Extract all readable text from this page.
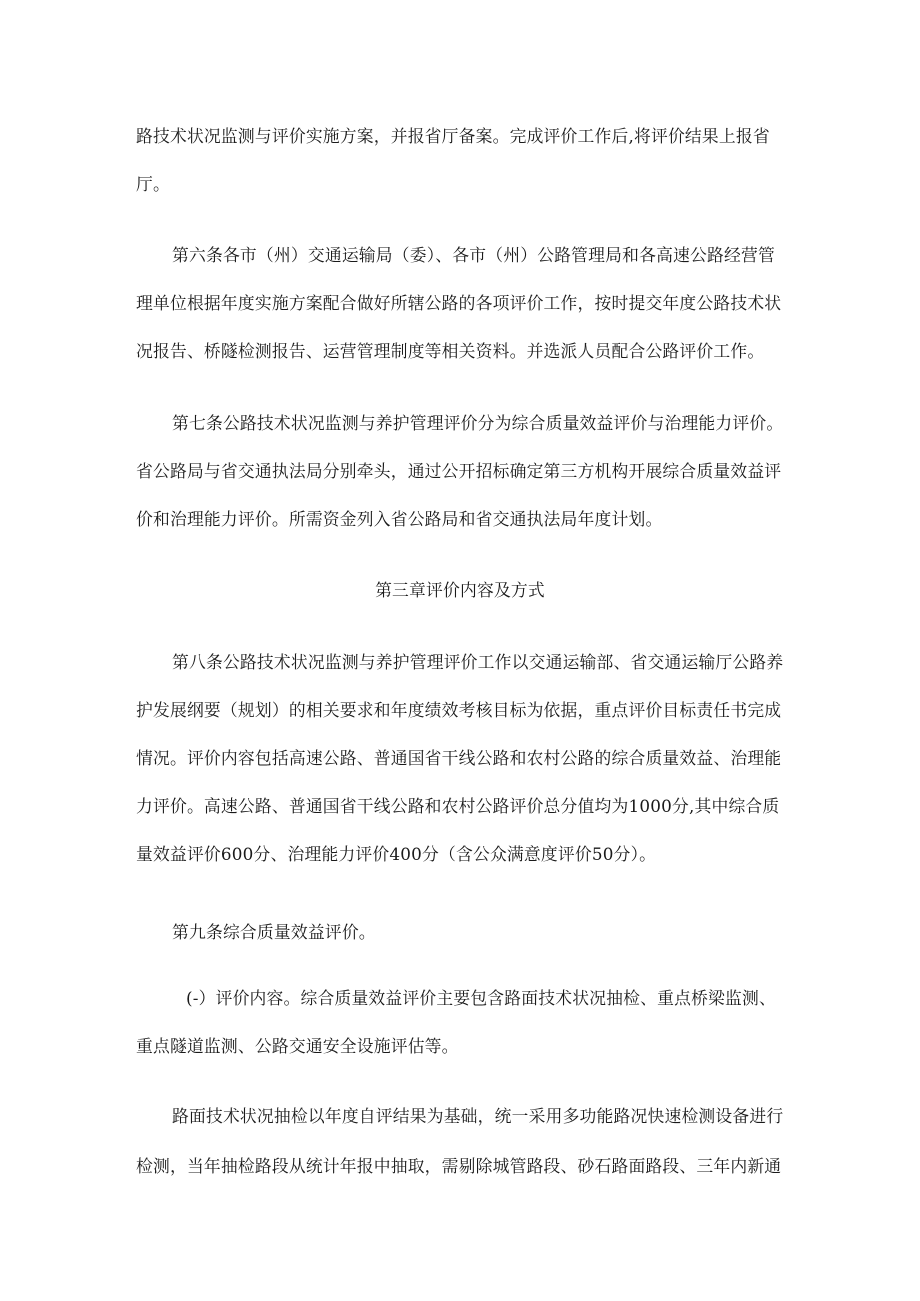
路技术状况监测与评价实施方案，并报省厅备案。完成评价工作后,将评价结果上报省
厅。
第六条各市（州）交通运输局（委）、各市（州）公路管理局和各高速公路经营管
理单位根据年度实施方案配合做好所辖公路的各项评价工作，按时提交年度公路技术状
况报告、桥隧检测报告、运营管理制度等相关资料。并选派人员配合公路评价工作。
第七条公路技术状况监测与养护管理评价分为综合质量效益评价与治理能力评价。
省公路局与省交通执法局分别牵头，通过公开招标确定第三方机构开展综合质量效益评
价和治理能力评价。所需资金列入省公路局和省交通执法局年度计划。
第三章评价内容及方式
第八条公路技术状况监测与养护管理评价工作以交通运输部、省交通运输厅公路养
护发展纲要（规划）的相关要求和年度绩效考核目标为依据，重点评价目标责任书完成
情况。评价内容包括高速公路、普通国省干线公路和农村公路的综合质量效益、治理能
力评价。高速公路、普通国省干线公路和农村公路评价总分值均为1000分,其中综合质
量效益评价600分、治理能力评价400分（含公众满意度评价50分）。
第九条综合质量效益评价。
(-）评价内容。综合质量效益评价主要包含路面技术状况抽检、重点桥梁监测、
重点隧道监测、公路交通安全设施评估等。
路面技术状况抽检以年度自评结果为基础，统一采用多功能路况快速检测设备进行
检测，当年抽检路段从统计年报中抽取，需剔除城管路段、砂石路面路段、三年内新通
